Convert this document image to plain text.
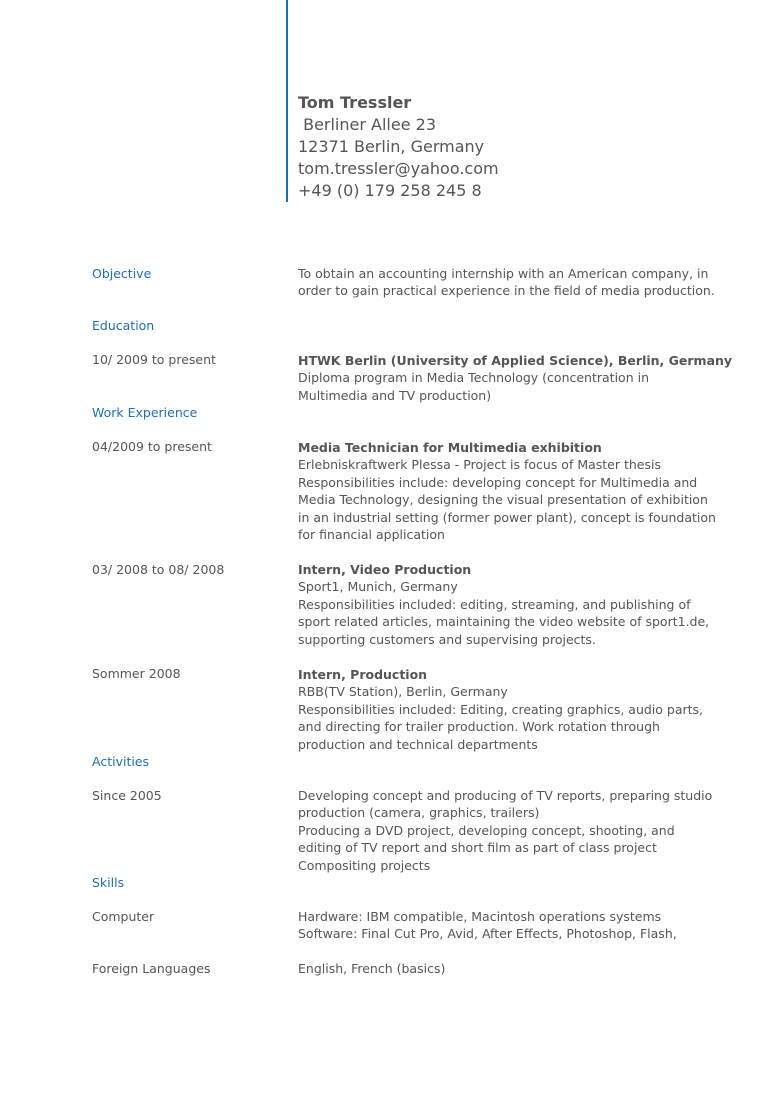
Tom Tressler
Berliner Allee 23
12371 Berlin, Germany
tom.tressler@yahoo.com
+49 (0) 179 258 245 8
Objective	To obtain an accounting internship with an American company, in
order to gain practical experience in the field of media production.
Education
10/ 2009 to present	HTWK Berlin (University of Applied Science), Berlin, Germany
Diploma program in Media Technology (concentration in
Multimedia and TV production)
Work Experience
04/2009 to present	Media Technician for Multimedia exhibition
Erlebniskraftwerk Plessa - Project is focus of Master thesis
Responsibilities include: developing concept for Multimedia and
Media Technology, designing the visual presentation of exhibition
in an industrial setting (former power plant), concept is foundation
for financial application
03/ 2008 to 08/ 2008	Intern, Video Production
Sport1, Munich, Germany
Responsibilities included: editing, streaming, and publishing of
sport related articles, maintaining the video website of sport1.de,
supporting customers and supervising projects.
Sommer 2008	Intern, Production
RBB(TV Station), Berlin, Germany
Responsibilities included: Editing, creating graphics, audio parts,
and directing for trailer production. Work rotation through
production and technical departments
Activities
Since 2005	Developing concept and producing of TV reports, preparing studio
production (camera, graphics, trailers)
Producing a DVD project, developing concept, shooting, and
editing of TV report and short film as part of class project
Compositing projects
Skills
Computer	Hardware: IBM compatible, Macintosh operations systems
Software: Final Cut Pro, Avid, After Effects, Photoshop, Flash,
Foreign Languages	English, French (basics)
